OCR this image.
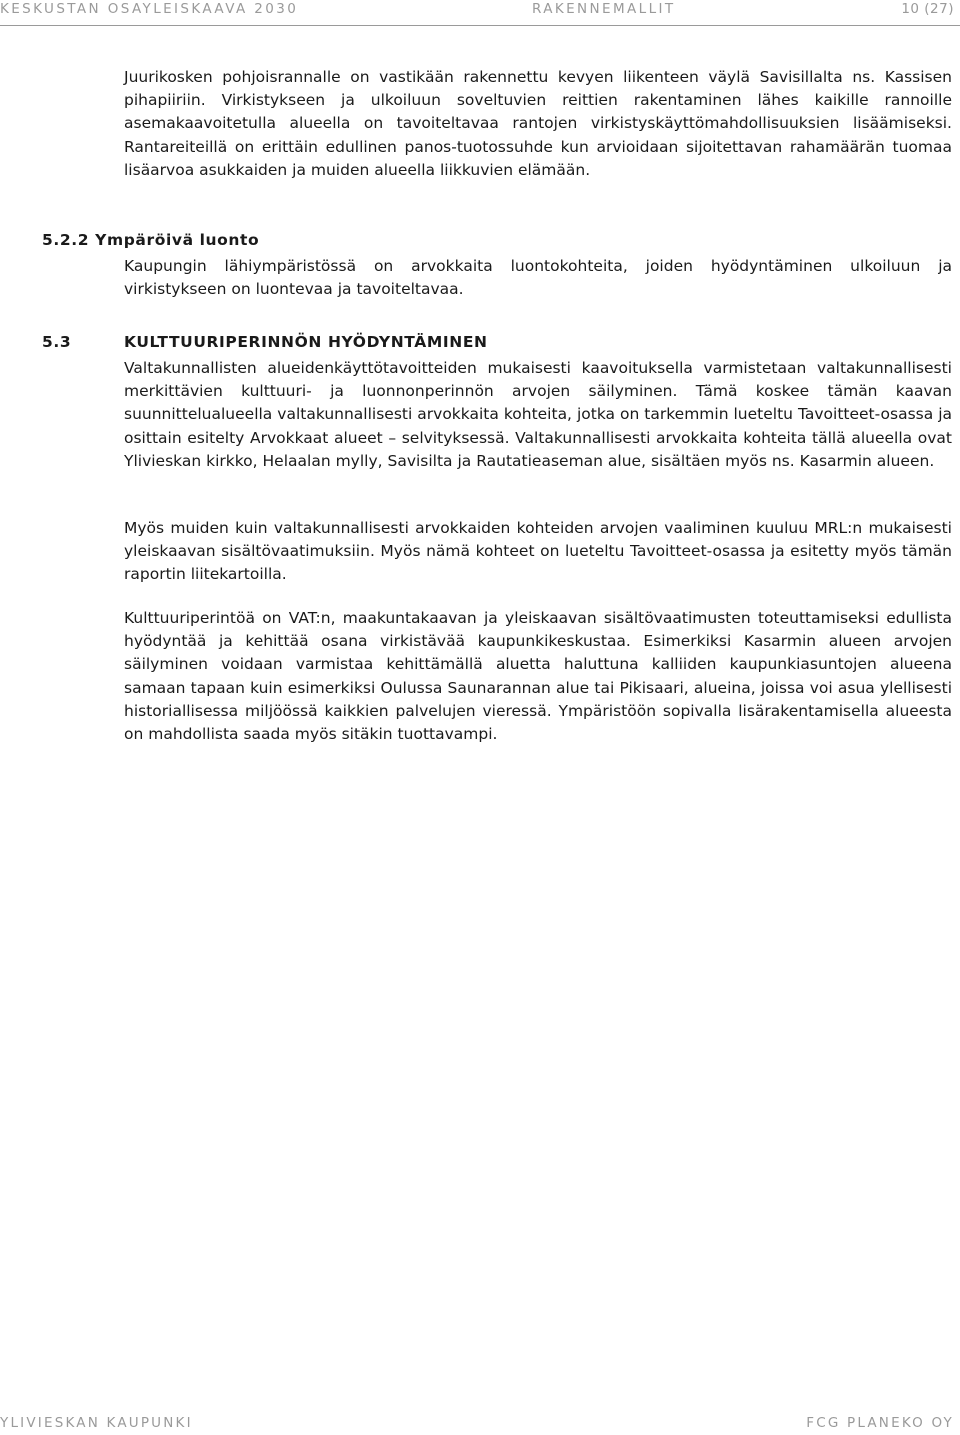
KESKUSTAN OSAYLEISKAAVA 2030	RAKENNEMALLIT	10 (27)

Juurikosken pohjoisrannalle on vastikään rakennettu kevyen liikenteen väylä Savisillalta ns. Kassisen pihapiiriin. Virkistykseen ja ulkoiluun soveltuvien reittien rakentaminen lähes kaikille rannoille asemakaavoitetulla alueella on tavoiteltavaa rantojen virkistyskäyttömahdollisuuksien lisäämiseksi. Rantareiteillä on erittäin edullinen panos-tuotossuhde kun arvioidaan sijoitettavan rahamäärän tuomaa lisäarvoa asukkaiden ja muiden alueella liikkuvien elämään.

5.2.2 Ympäröivä luonto

Kaupungin lähiympäristössä on arvokkaita luontokohteita, joiden hyödyntäminen ulkoiluun ja virkistykseen on luontevaa ja tavoiteltavaa.

5.3	KULTTUURIPERINNÖN HYÖDYNTÄMINEN

Valtakunnallisten alueidenkäyttötavoitteiden mukaisesti kaavoituksella varmistetaan valtakunnallisesti merkittävien kulttuuri- ja luonnonperinnön arvojen säilyminen. Tämä koskee tämän kaavan suunnittelualueella valtakunnallisesti arvokkaita kohteita, jotka on tarkemmin lueteltu Tavoitteet-osassa ja osittain esitelty Arvokkaat alueet – selvityksessä. Valtakunnallisesti arvokkaita kohteita tällä alueella ovat Ylivieskan kirkko, Helaalan mylly, Savisilta ja Rautatieaseman alue, sisältäen myös ns. Kasarmin alueen.

Myös muiden kuin valtakunnallisesti arvokkaiden kohteiden arvojen vaaliminen kuuluu MRL:n mukaisesti yleiskaavan sisältövaatimuksiin. Myös nämä kohteet on lueteltu Tavoitteet-osassa ja esitetty myös tämän raportin liitekartoilla.

Kulttuuriperintöä on VAT:n, maakuntakaavan ja yleiskaavan sisältövaatimusten toteuttamiseksi edullista hyödyntää ja kehittää osana virkistävää kaupunkikeskustaa. Esimerkiksi Kasarmin alueen arvojen säilyminen voidaan varmistaa kehittämällä aluetta haluttuna kalliiden kaupunkiasuntojen alueena samaan tapaan kuin esimerkiksi Oulussa Saunarannan alue tai Pikisaari, alueina, joissa voi asua ylellisesti historiallisessa miljöössä kaikkien palvelujen vieressä. Ympäristöön sopivalla lisärakentamisella alueesta on mahdollista saada myös sitäkin tuottavampi.

YLIVIESKAN KAUPUNKI	FCG PLANEKO OY
